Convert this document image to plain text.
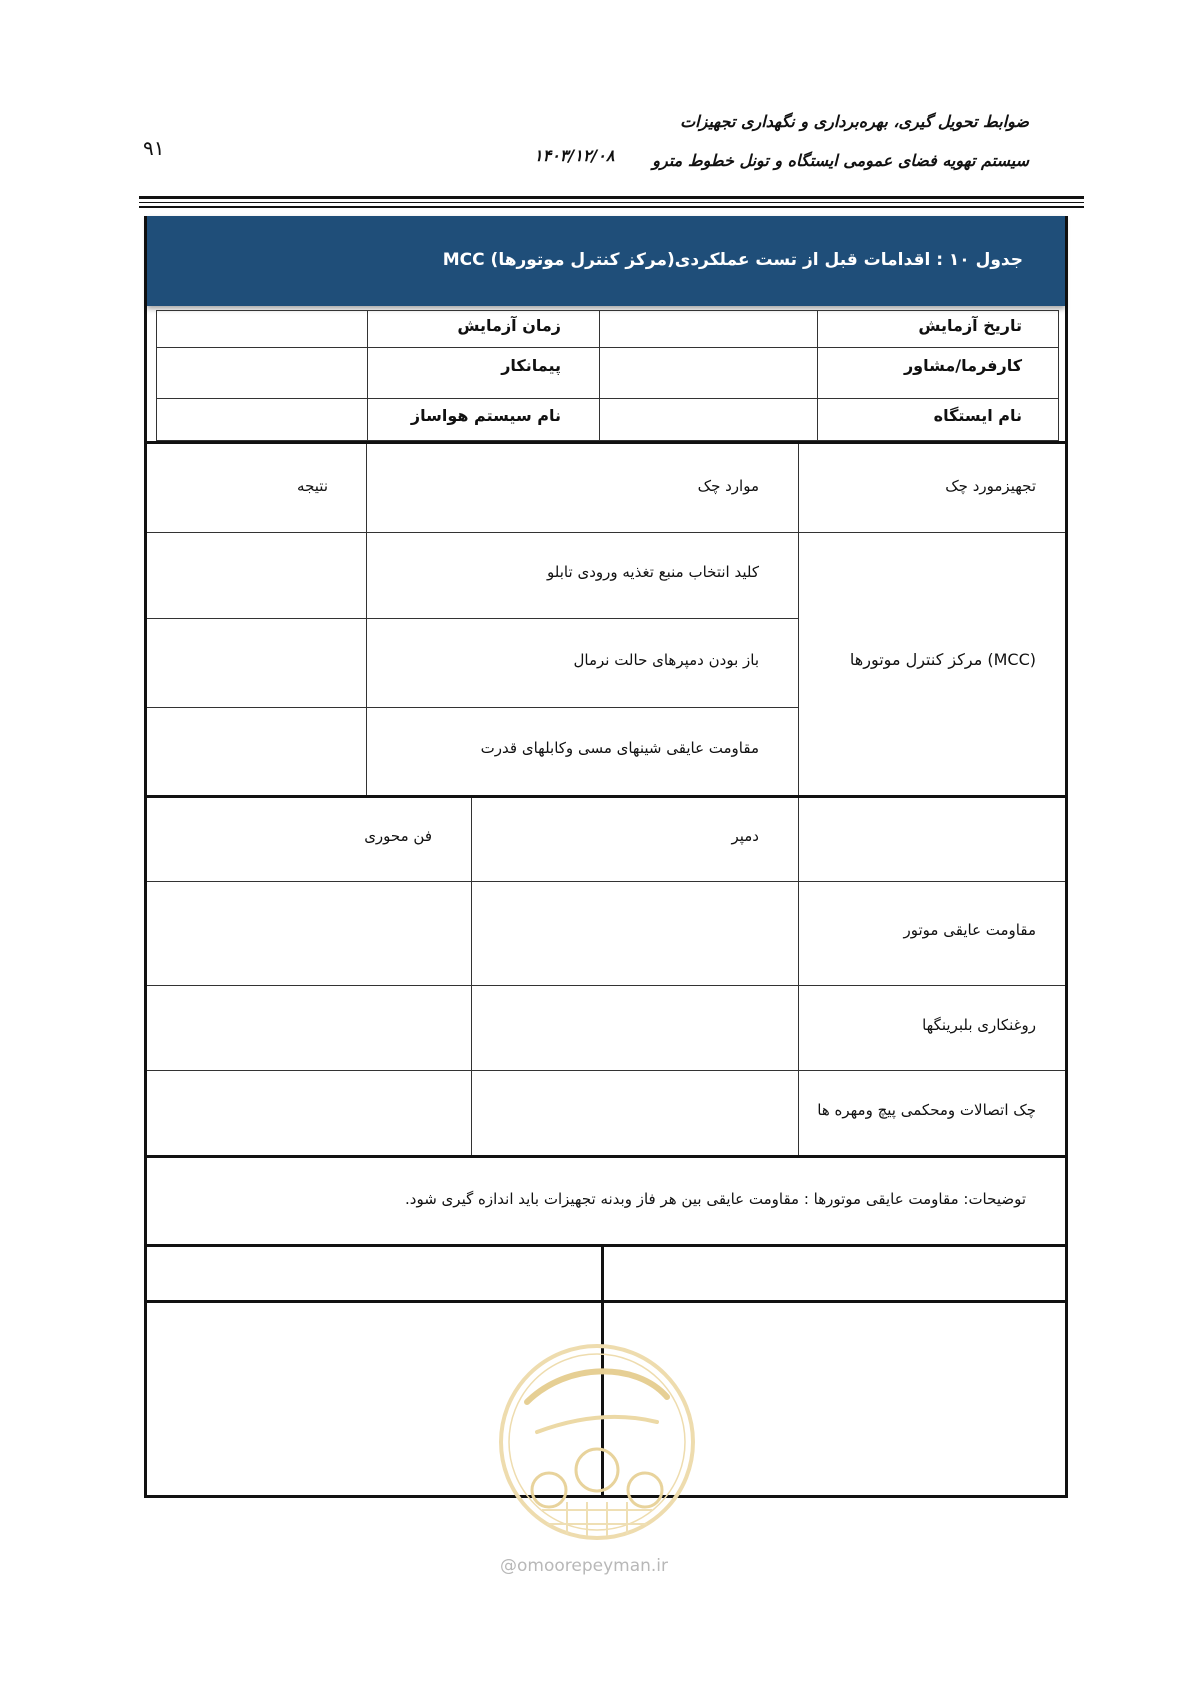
ضوابط تحویل گیری، بهره‌برداری و نگهداری تجهیزات
سیستم تهویه فضای عمومی ایستگاه و تونل خطوط مترو
۱۴۰۳/۱۲/۰۸
۹۱
جدول ۱۰ : اقدامات قبل از تست عملکردی(مرکز کنترل موتورها) MCC
تاریخ آزمایش
زمان آزمایش
کارفرما/مشاور
پیمانکار
نام ایستگاه
نام سیستم هواساز
تجهیزمورد چک
موارد چک
نتیجه
(MCC) مرکز کنترل موتورها
کلید انتخاب منبع تغذیه ورودی تابلو
باز بودن دمپرهای حالت نرمال
مقاومت عایقی شینهای مسی وکابلهای قدرت
دمپر
فن محوری
مقاومت عایقی موتور
روغنکاری بلبرینگها
چک اتصالات ومحکمی پیچ ومهره ها
توضیحات: مقاومت عایقی موتورها : مقاومت عایقی بین هر فاز وبدنه تجهیزات باید اندازه گیری شود.
@omoorepeyman.ir
